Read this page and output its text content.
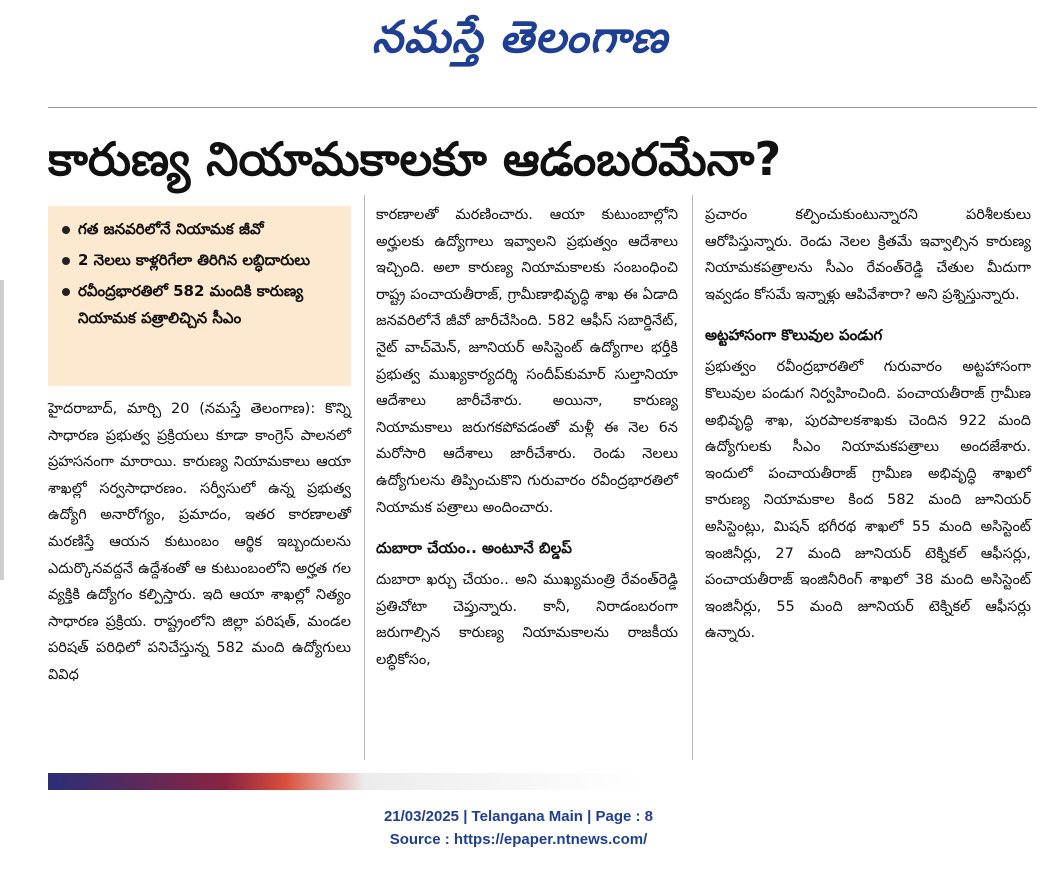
నమస్తే తెలంగాణ
కారుణ్య నియామకాలకూ ఆడంబరమేనా?
గత జనవరిలోనే నియామక జీవో
2 నెలలు కాళ్లరిగేలా తిరిగిన లబ్ధిదారులు
రవీంద్రభారతిలో 582 మందికి కారుణ్య నియామక పత్రాలిచ్చిన సీఎం

హైదరాబాద్, మార్చి 20 (నమస్తే తెలంగాణ): కొన్ని సాధారణ ప్రభుత్వ ప్రక్రియలు కూడా కాంగ్రెస్ పాలనలో ప్రహసనంగా మారాయి. కారుణ్య నియామకాలు ఆయా శాఖల్లో సర్వసాధారణం. సర్వీసులో ఉన్న ప్రభుత్వ ఉద్యోగి అనారోగ్యం, ప్రమాదం, ఇతర కారణాలతో మరణిస్తే ఆయన కుటుంబం ఆర్థిక ఇబ్బందులను ఎదుర్కొనవద్దనే ఉద్దేశంతో ఆ కుటుంబంలోని అర్హత గల వ్యక్తికి ఉద్యోగం కల్పిస్తారు. ఇది ఆయా శాఖల్లో నిత్యం సాధారణ ప్రక్రియ. రాష్ట్రంలోని జిల్లా పరిషత్, మండల పరిషత్ పరిధిలో పనిచేస్తున్న 582 మంది ఉద్యోగులు వివిధ

కారణాలతో మరణించారు. ఆయా కుటుంబాల్లోని అర్హులకు ఉద్యోగాలు ఇవ్వాలని ప్రభుత్వం ఆదేశాలు ఇచ్చింది. అలా కారుణ్య నియామకాలకు సంబంధించి రాష్ట్ర పంచాయతీరాజ్, గ్రామీణాభివృద్ధి శాఖ ఈ ఏడాది జనవరిలోనే జీవో జారీచేసింది. 582 ఆఫీస్ సబార్డినేట్, నైట్ వాచ్‌మెన్, జూనియర్ అసిస్టెంట్ ఉద్యోగాల భర్తీకి ప్రభుత్వ ముఖ్యకార్యదర్శి సందీప్‌కుమార్ సుల్తానియా ఆదేశాలు జారీచేశారు. అయినా, కారుణ్య నియామకాలు జరుగకపోవడంతో మళ్లీ ఈ నెల 6న మరోసారి ఆదేశాలు జారీచేశారు. రెండు నెలలు ఉద్యోగులను తిప్పించుకొని గురువారం రవీంద్రభారతిలో నియామక పత్రాలు అందించారు.

దుబారా చేయం.. అంటూనే బిల్డప్

దుబారా ఖర్చు చేయం.. అని ముఖ్యమంత్రి రేవంత్‌రెడ్డి ప్రతిచోటా చెప్తున్నారు. కానీ, నిరాడంబరంగా జరుగాల్సిన కారుణ్య నియామకాలను రాజకీయ లబ్ధికోసం,

ప్రచారం కల్పించుకుంటున్నారని పరిశీలకులు ఆరోపిస్తున్నారు. రెండు నెలల క్రితమే ఇవ్వాల్సిన కారుణ్య నియామకపత్రాలను సీఎం రేవంత్‌రెడ్డి చేతుల మీదుగా ఇవ్వడం కోసమే ఇన్నాళ్లు ఆపివేశారా? అని ప్రశ్నిస్తున్నారు.

అట్టహాసంగా కొలువుల పండుగ

ప్రభుత్వం రవీంద్రభారతిలో గురువారం అట్టహాసంగా కొలువుల పండుగ నిర్వహించింది. పంచాయతీరాజ్ గ్రామీణ అభివృద్ధి శాఖ, పురపాలకశాఖకు చెందిన 922 మంది ఉద్యోగులకు సీఎం నియామకపత్రాలు అందజేశారు. ఇందులో పంచాయతీరాజ్ గ్రామీణ అభివృద్ధి శాఖలో కారుణ్య నియామకాల కింద 582 మంది జూనియర్ అసిస్టెంట్లు, మిషన్ భగీరథ శాఖలో 55 మంది అసిస్టెంట్ ఇంజినీర్లు, 27 మంది జూనియర్ టెక్నికల్ ఆఫీసర్లు, పంచాయతీరాజ్ ఇంజినీరింగ్ శాఖలో 38 మంది అసిస్టెంట్ ఇంజినీర్లు, 55 మంది జూనియర్ టెక్నికల్ ఆఫీసర్లు ఉన్నారు.

21/03/2025 | Telangana Main | Page : 8
Source : https://epaper.ntnews.com/
